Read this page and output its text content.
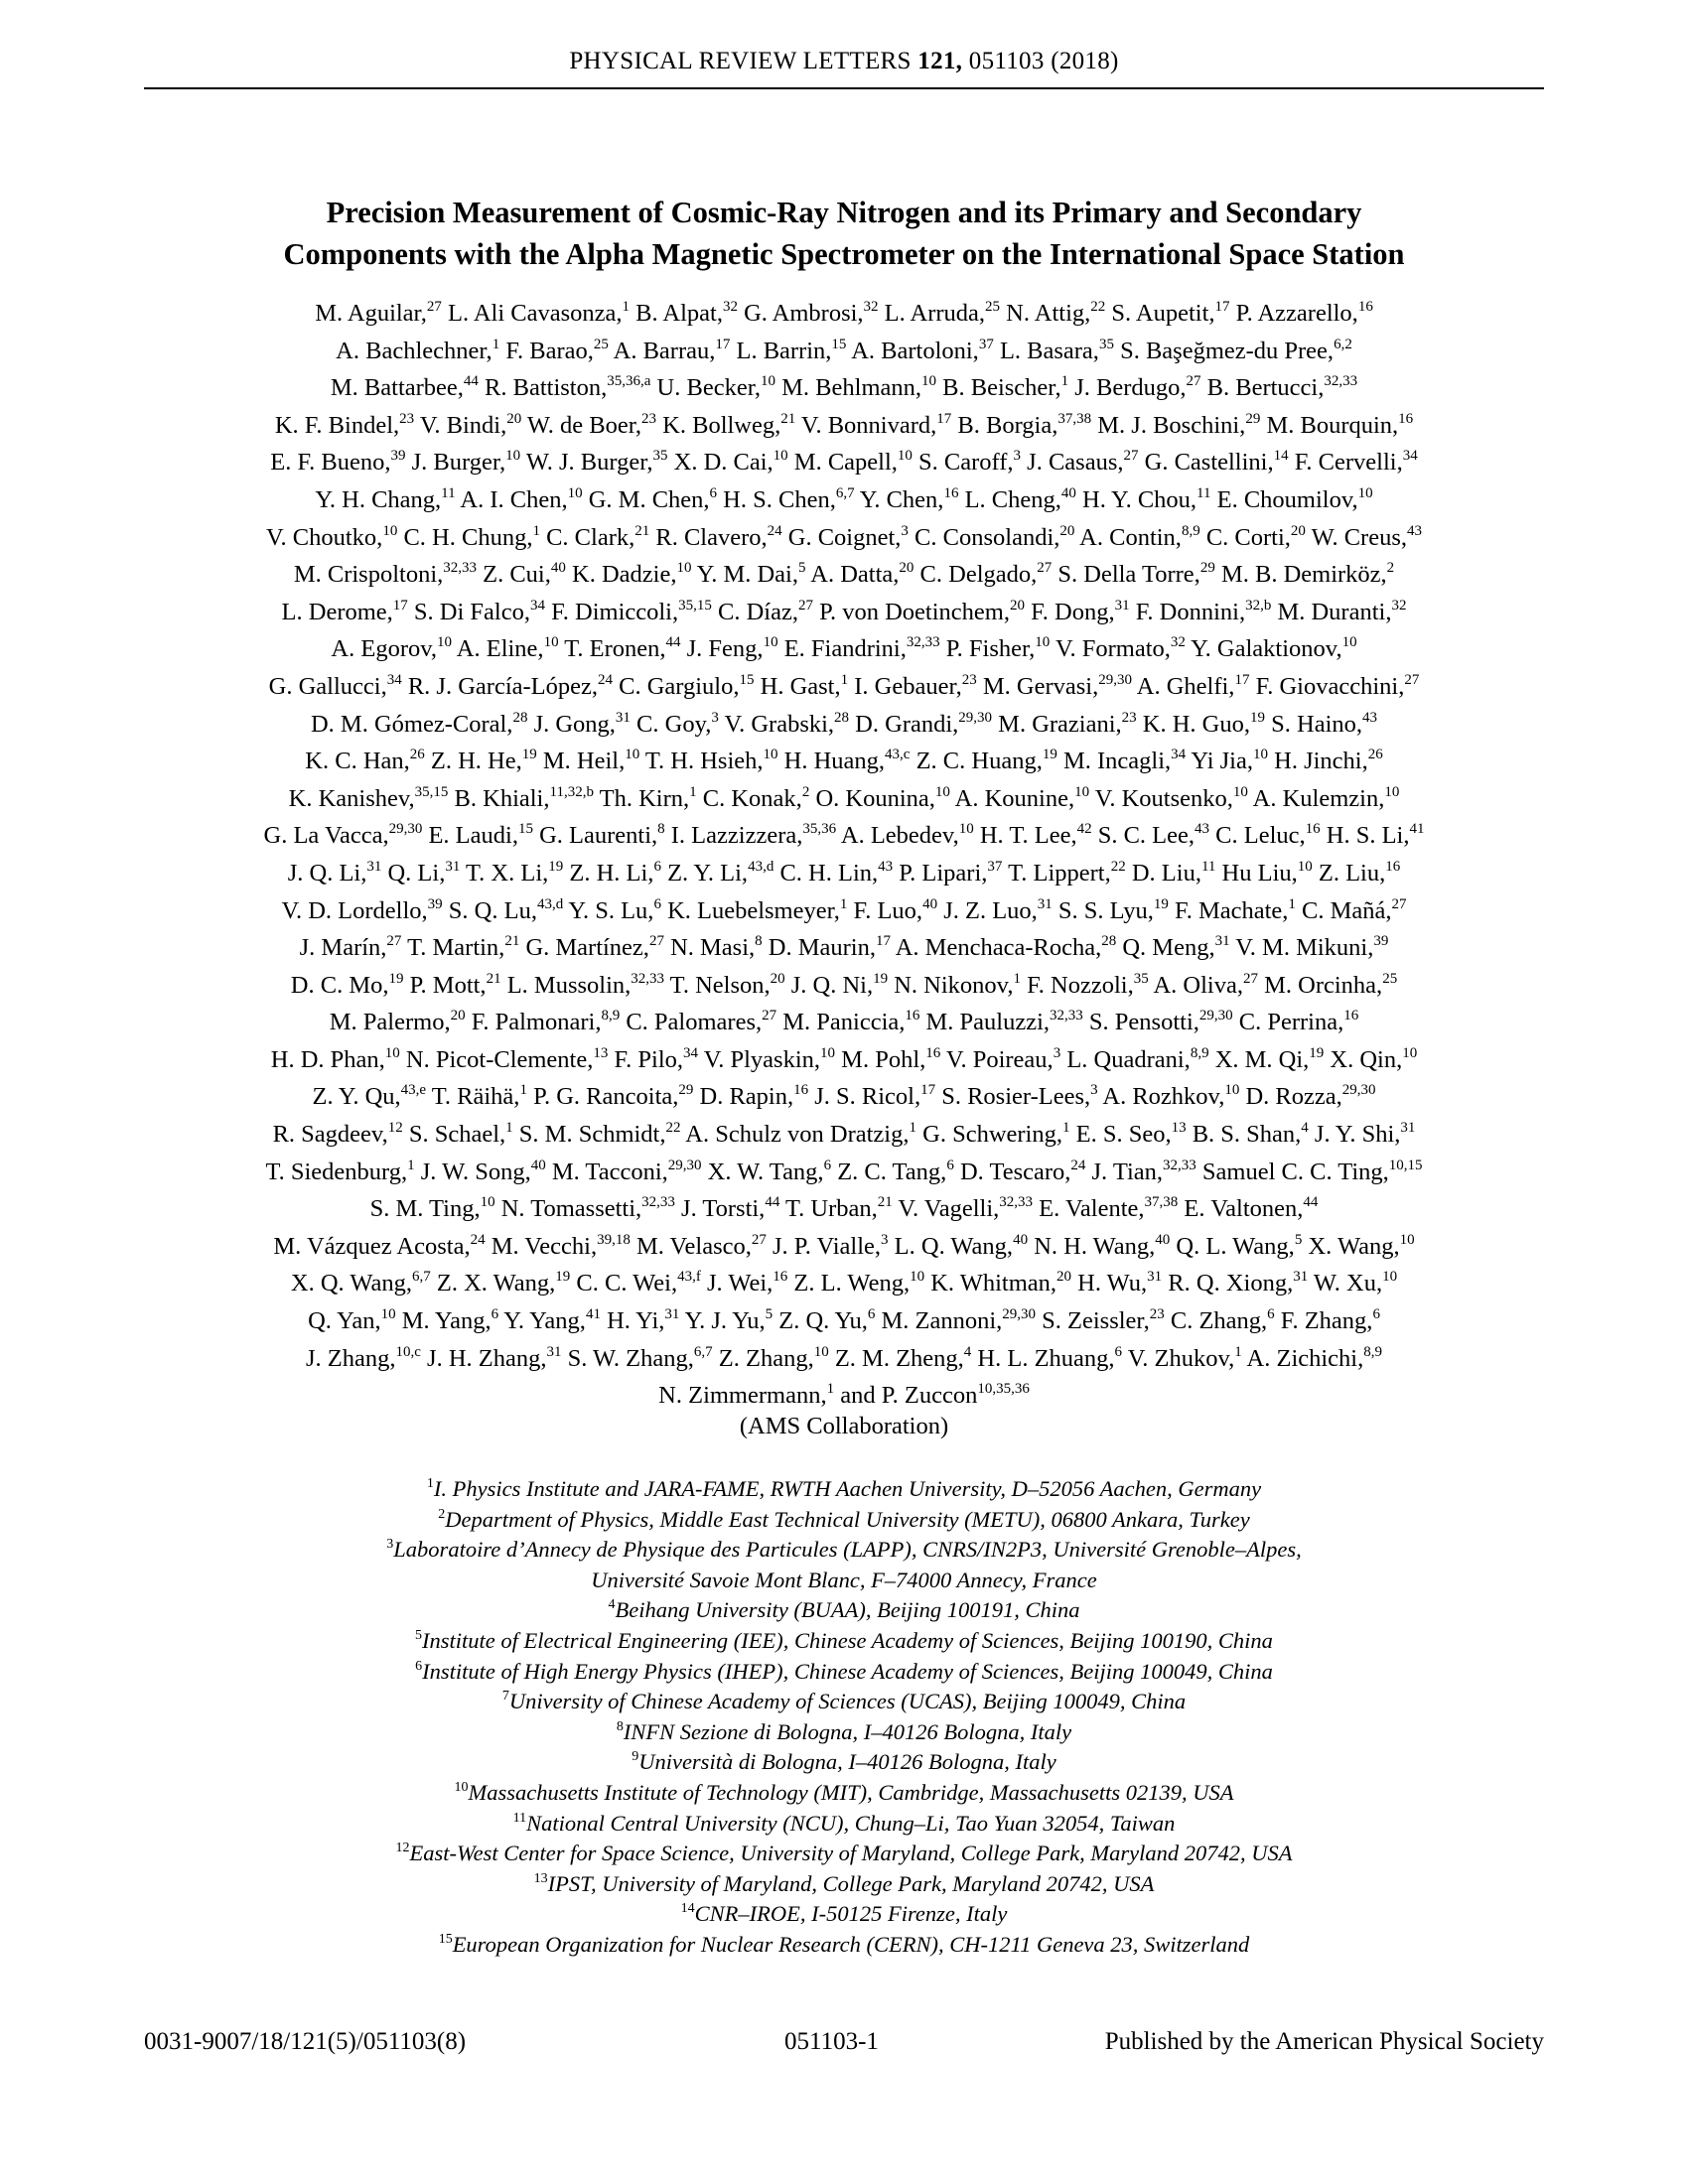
PHYSICAL REVIEW LETTERS 121, 051103 (2018)
Precision Measurement of Cosmic-Ray Nitrogen and its Primary and Secondary
Components with the Alpha Magnetic Spectrometer on the International Space Station
M. Aguilar,$^{27}$ L. Ali Cavasonza,$^1$ B. Alpat,$^{32}$ G. Ambrosi,$^{32}$ L. Arruda,$^{25}$ N. Attig,$^{22}$ S. Aupetit,$^{17}$ P. Azzarello,$^{16}$
A. Bachlechner,$^1$ F. Barao,$^{25}$ A. Barrau,$^{17}$ L. Barrin,$^{15}$ A. Bartoloni,$^{37}$ L. Basara,$^{35}$ S. Başeğmez-du Pree,$^{6,2}$
M. Battarbee,$^{44}$ R. Battiston,$^{35,36,a}$ U. Becker,$^{10}$ M. Behlmann,$^{10}$ B. Beischer,$^1$ J. Berdugo,$^{27}$ B. Bertucci,$^{32,33}$
K. F. Bindel,$^{23}$ V. Bindi,$^{20}$ W. de Boer,$^{23}$ K. Bollweg,$^{21}$ V. Bonnivard,$^{17}$ B. Borgia,$^{37,38}$ M. J. Boschini,$^{29}$ M. Bourquin,$^{16}$
E. F. Bueno,$^{39}$ J. Burger,$^{10}$ W. J. Burger,$^{35}$ X. D. Cai,$^{10}$ M. Capell,$^{10}$ S. Caroff,$^3$ J. Casaus,$^{27}$ G. Castellini,$^{14}$ F. Cervelli,$^{34}$
Y. H. Chang,$^{11}$ A. I. Chen,$^{10}$ G. M. Chen,$^6$ H. S. Chen,$^{6,7}$ Y. Chen,$^{16}$ L. Cheng,$^{40}$ H. Y. Chou,$^{11}$ E. Choumilov,$^{10}$
V. Choutko,$^{10}$ C. H. Chung,$^1$ C. Clark,$^{21}$ R. Clavero,$^{24}$ G. Coignet,$^3$ C. Consolandi,$^{20}$ A. Contin,$^{8,9}$ C. Corti,$^{20}$ W. Creus,$^{43}$
M. Crispoltoni,$^{32,33}$ Z. Cui,$^{40}$ K. Dadzie,$^{10}$ Y. M. Dai,$^5$ A. Datta,$^{20}$ C. Delgado,$^{27}$ S. Della Torre,$^{29}$ M. B. Demirköz,$^2$
L. Derome,$^{17}$ S. Di Falco,$^{34}$ F. Dimiccoli,$^{35,15}$ C. Díaz,$^{27}$ P. von Doetinchem,$^{20}$ F. Dong,$^{31}$ F. Donnini,$^{32,b}$ M. Duranti,$^{32}$
A. Egorov,$^{10}$ A. Eline,$^{10}$ T. Eronen,$^{44}$ J. Feng,$^{10}$ E. Fiandrini,$^{32,33}$ P. Fisher,$^{10}$ V. Formato,$^{32}$ Y. Galaktionov,$^{10}$
G. Gallucci,$^{34}$ R. J. García-López,$^{24}$ C. Gargiulo,$^{15}$ H. Gast,$^1$ I. Gebauer,$^{23}$ M. Gervasi,$^{29,30}$ A. Ghelfi,$^{17}$ F. Giovacchini,$^{27}$
D. M. Gómez-Coral,$^{28}$ J. Gong,$^{31}$ C. Goy,$^3$ V. Grabski,$^{28}$ D. Grandi,$^{29,30}$ M. Graziani,$^{23}$ K. H. Guo,$^{19}$ S. Haino,$^{43}$
K. C. Han,$^{26}$ Z. H. He,$^{19}$ M. Heil,$^{10}$ T. H. Hsieh,$^{10}$ H. Huang,$^{43,c}$ Z. C. Huang,$^{19}$ M. Incagli,$^{34}$ Yi Jia,$^{10}$ H. Jinchi,$^{26}$
K. Kanishev,$^{35,15}$ B. Khiali,$^{11,32,b}$ Th. Kirn,$^1$ C. Konak,$^2$ O. Kounina,$^{10}$ A. Kounine,$^{10}$ V. Koutsenko,$^{10}$ A. Kulemzin,$^{10}$
G. La Vacca,$^{29,30}$ E. Laudi,$^{15}$ G. Laurenti,$^8$ I. Lazzizzera,$^{35,36}$ A. Lebedev,$^{10}$ H. T. Lee,$^{42}$ S. C. Lee,$^{43}$ C. Leluc,$^{16}$ H. S. Li,$^{41}$
J. Q. Li,$^{31}$ Q. Li,$^{31}$ T. X. Li,$^{19}$ Z. H. Li,$^6$ Z. Y. Li,$^{43,d}$ C. H. Lin,$^{43}$ P. Lipari,$^{37}$ T. Lippert,$^{22}$ D. Liu,$^{11}$ Hu Liu,$^{10}$ Z. Liu,$^{16}$
V. D. Lordello,$^{39}$ S. Q. Lu,$^{43,d}$ Y. S. Lu,$^6$ K. Luebelsmeyer,$^1$ F. Luo,$^{40}$ J. Z. Luo,$^{31}$ S. S. Lyu,$^{19}$ F. Machate,$^1$ C. Mañá,$^{27}$
J. Marín,$^{27}$ T. Martin,$^{21}$ G. Martínez,$^{27}$ N. Masi,$^8$ D. Maurin,$^{17}$ A. Menchaca-Rocha,$^{28}$ Q. Meng,$^{31}$ V. M. Mikuni,$^{39}$
D. C. Mo,$^{19}$ P. Mott,$^{21}$ L. Mussolin,$^{32,33}$ T. Nelson,$^{20}$ J. Q. Ni,$^{19}$ N. Nikonov,$^1$ F. Nozzoli,$^{35}$ A. Oliva,$^{27}$ M. Orcinha,$^{25}$
M. Palermo,$^{20}$ F. Palmonari,$^{8,9}$ C. Palomares,$^{27}$ M. Paniccia,$^{16}$ M. Pauluzzi,$^{32,33}$ S. Pensotti,$^{29,30}$ C. Perrina,$^{16}$
H. D. Phan,$^{10}$ N. Picot-Clemente,$^{13}$ F. Pilo,$^{34}$ V. Plyaskin,$^{10}$ M. Pohl,$^{16}$ V. Poireau,$^3$ L. Quadrani,$^{8,9}$ X. M. Qi,$^{19}$ X. Qin,$^{10}$
Z. Y. Qu,$^{43,e}$ T. Räihä,$^1$ P. G. Rancoita,$^{29}$ D. Rapin,$^{16}$ J. S. Ricol,$^{17}$ S. Rosier-Lees,$^3$ A. Rozhkov,$^{10}$ D. Rozza,$^{29,30}$
R. Sagdeev,$^{12}$ S. Schael,$^1$ S. M. Schmidt,$^{22}$ A. Schulz von Dratzig,$^1$ G. Schwering,$^1$ E. S. Seo,$^{13}$ B. S. Shan,$^4$ J. Y. Shi,$^{31}$
T. Siedenburg,$^1$ J. W. Song,$^{40}$ M. Tacconi,$^{29,30}$ X. W. Tang,$^6$ Z. C. Tang,$^6$ D. Tescaro,$^{24}$ J. Tian,$^{32,33}$ Samuel C. C. Ting,$^{10,15}$
S. M. Ting,$^{10}$ N. Tomassetti,$^{32,33}$ J. Torsti,$^{44}$ T. Urban,$^{21}$ V. Vagelli,$^{32,33}$ E. Valente,$^{37,38}$ E. Valtonen,$^{44}$
M. Vázquez Acosta,$^{24}$ M. Vecchi,$^{39,18}$ M. Velasco,$^{27}$ J. P. Vialle,$^3$ L. Q. Wang,$^{40}$ N. H. Wang,$^{40}$ Q. L. Wang,$^5$ X. Wang,$^{10}$
X. Q. Wang,$^{6,7}$ Z. X. Wang,$^{19}$ C. C. Wei,$^{43,f}$ J. Wei,$^{16}$ Z. L. Weng,$^{10}$ K. Whitman,$^{20}$ H. Wu,$^{31}$ R. Q. Xiong,$^{31}$ W. Xu,$^{10}$
Q. Yan,$^{10}$ M. Yang,$^6$ Y. Yang,$^{41}$ H. Yi,$^{31}$ Y. J. Yu,$^5$ Z. Q. Yu,$^6$ M. Zannoni,$^{29,30}$ S. Zeissler,$^{23}$ C. Zhang,$^6$ F. Zhang,$^6$
J. Zhang,$^{10,c}$ J. H. Zhang,$^{31}$ S. W. Zhang,$^{6,7}$ Z. Zhang,$^{10}$ Z. M. Zheng,$^4$ H. L. Zhuang,$^6$ V. Zhukov,$^1$ A. Zichichi,$^{8,9}$
N. Zimmermann,$^1$ and P. Zuccon$^{10,35,36}$
(AMS Collaboration)
$^1$I. Physics Institute and JARA-FAME, RWTH Aachen University, D–52056 Aachen, Germany
$^2$Department of Physics, Middle East Technical University (METU), 06800 Ankara, Turkey
$^3$Laboratoire d’Annecy de Physique des Particules (LAPP), CNRS/IN2P3, Université Grenoble–Alpes,
Université Savoie Mont Blanc, F–74000 Annecy, France
$^4$Beihang University (BUAA), Beijing 100191, China
$^5$Institute of Electrical Engineering (IEE), Chinese Academy of Sciences, Beijing 100190, China
$^6$Institute of High Energy Physics (IHEP), Chinese Academy of Sciences, Beijing 100049, China
$^7$University of Chinese Academy of Sciences (UCAS), Beijing 100049, China
$^8$INFN Sezione di Bologna, I–40126 Bologna, Italy
$^9$Università di Bologna, I–40126 Bologna, Italy
$^{10}$Massachusetts Institute of Technology (MIT), Cambridge, Massachusetts 02139, USA
$^{11}$National Central University (NCU), Chung–Li, Tao Yuan 32054, Taiwan
$^{12}$East-West Center for Space Science, University of Maryland, College Park, Maryland 20742, USA
$^{13}$IPST, University of Maryland, College Park, Maryland 20742, USA
$^{14}$CNR–IROE, I-50125 Firenze, Italy
$^{15}$European Organization for Nuclear Research (CERN), CH-1211 Geneva 23, Switzerland
0031-9007/18/121(5)/051103(8)	051103-1	Published by the American Physical Society
